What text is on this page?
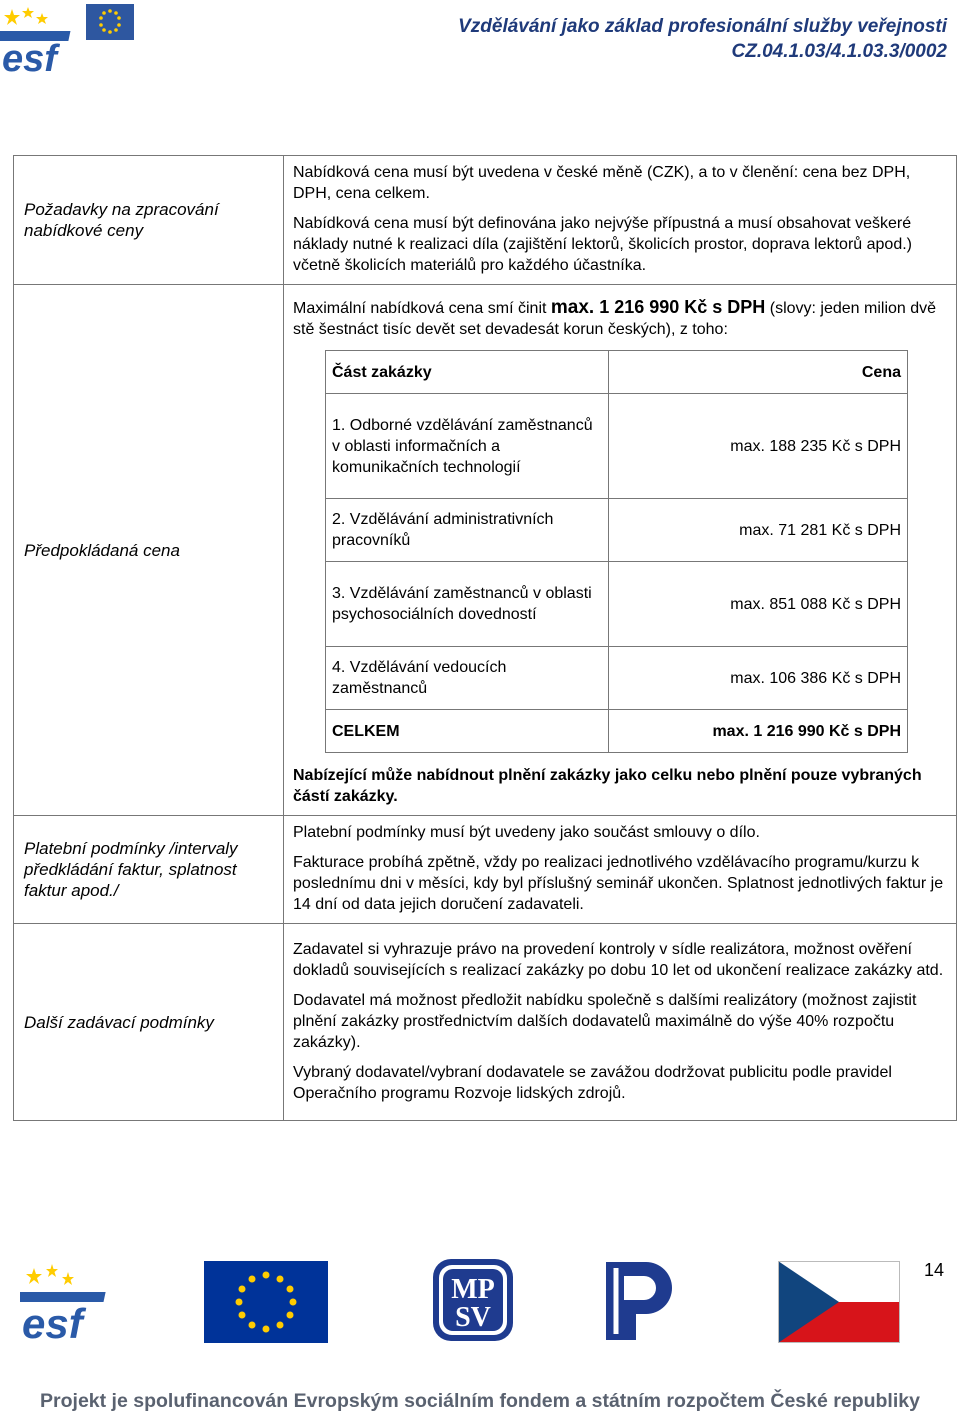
esf
Vzdělávání jako základ profesionální služby veřejnosti
CZ.04.1.03/4.1.03.3/0002
Požadavky na zpracování nabídkové ceny	

Nabídková cena musí být uvedena v české měně (CZK), a to v členění: cena bez DPH, DPH, cena celkem.

Nabídková cena musí být definována jako nejvýše přípustná a musí obsahovat veškeré náklady nutné k realizaci díla (zajištění lektorů, školicích prostor, doprava lektorů apod.) včetně školicích materiálů pro každého účastníka.

Předpokládaná cena	

Maximální nabídková cena smí činit max. 1 216 990 Kč s DPH (slovy: jeden milion dvě stě šestnáct tisíc devět set devadesát korun českých), z toho:

Část zakázky	Cena
1. Odborné vzdělávání zaměstnanců v oblasti informačních a komunikačních technologií	max. 188 235 Kč s DPH
2. Vzdělávání administrativních pracovníků	max. 71 281 Kč s DPH
3. Vzdělávání zaměstnanců v oblasti psychosociálních dovedností	max. 851 088 Kč s DPH
4. Vzdělávání vedoucích zaměstnanců	max. 106 386 Kč s DPH
CELKEM	max. 1 216 990 Kč s DPH

Nabízející může nabídnout plnění zakázky jako celku nebo plnění pouze vybraných částí zakázky.

Platební podmínky /intervaly předkládání faktur, splatnost faktur apod./	

Platební podmínky musí být uvedeny jako součást smlouvy o dílo.

Fakturace probíhá zpětně, vždy po realizaci jednotlivého vzdělávacího programu/kurzu k poslednímu dni v měsíci, kdy byl příslušný seminář ukončen. Splatnost jednotlivých faktur je 14 dní od data jejich doručení zadavateli.

Další zadávací podmínky	

Zadavatel si vyhrazuje právo na provedení kontroly v sídle realizátora, možnost ověření dokladů souvisejících s realizací zakázky po dobu 10 let od ukončení realizace zakázky atd.

Dodavatel má možnost předložit nabídku společně s dalšími realizátory (možnost zajistit plnění zakázky prostřednictvím dalších dodavatelů maximálně do výše 40% rozpočtu zakázky).

Vybraný dodavatel/vybraní dodavatele se zavážou dodržovat publicitu podle pravidel Operačního programu Rozvoje lidských zdrojů.

14
esf
MP
SV
Projekt je spolufinancován Evropským sociálním fondem a státním rozpočtem České republiky
